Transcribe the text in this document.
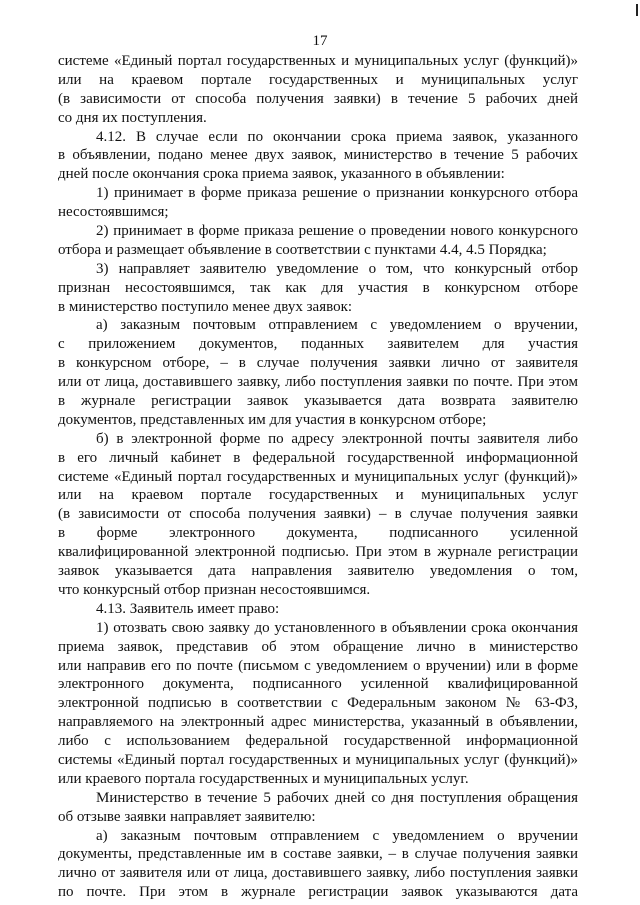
17
системе «Единый портал государственных и муниципальных услуг (функций)»
или на краевом портале государственных и муниципальных услуг
(в зависимости от способа получения заявки) в течение 5 рабочих дней
со дня их поступления.
4.12. В случае если по окончании срока приема заявок, указанного
в объявлении, подано менее двух заявок, министерство в течение 5 рабочих
дней после окончания срока приема заявок, указанного в объявлении:
1) принимает в форме приказа решение о признании конкурсного отбора
несостоявшимся;
2) принимает в форме приказа решение о проведении нового конкурсного
отбора и размещает объявление в соответствии с пунктами 4.4, 4.5 Порядка;
3) направляет заявителю уведомление о том, что конкурсный отбор
признан несостоявшимся, так как для участия в конкурсном отборе
в министерство поступило менее двух заявок:
а) заказным почтовым отправлением с уведомлением о вручении,
с приложением документов, поданных заявителем для участия
в конкурсном отборе, – в случае получения заявки лично от заявителя
или от лица, доставившего заявку, либо поступления заявки по почте. При этом
в журнале регистрации заявок указывается дата возврата заявителю
документов, представленных им для участия в конкурсном отборе;
б) в электронной форме по адресу электронной почты заявителя либо
в его личный кабинет в федеральной государственной информационной
системе «Единый портал государственных и муниципальных услуг (функций)»
или на краевом портале государственных и муниципальных услуг
(в зависимости от способа получения заявки) – в случае получения заявки
в форме электронного документа, подписанного усиленной
квалифицированной электронной подписью. При этом в журнале регистрации
заявок указывается дата направления заявителю уведомления о том,
что конкурсный отбор признан несостоявшимся.
4.13. Заявитель имеет право:
1) отозвать свою заявку до установленного в объявлении срока окончания
приема заявок, представив об этом обращение лично в министерство
или направив его по почте (письмом с уведомлением о вручении) или в форме
электронного документа, подписанного усиленной квалифицированной
электронной подписью в соответствии с Федеральным законом № 63-ФЗ,
направляемого на электронный адрес министерства, указанный в объявлении,
либо с использованием федеральной государственной информационной
системы «Единый портал государственных и муниципальных услуг (функций)»
или краевого портала государственных и муниципальных услуг.
Министерство в течение 5 рабочих дней со дня поступления обращения
об отзыве заявки направляет заявителю:
а) заказным почтовым отправлением с уведомлением о вручении
документы, представленные им в составе заявки, – в случае получения заявки
лично от заявителя или от лица, доставившего заявку, либо поступления заявки
по почте. При этом в журнале регистрации заявок указываются дата
